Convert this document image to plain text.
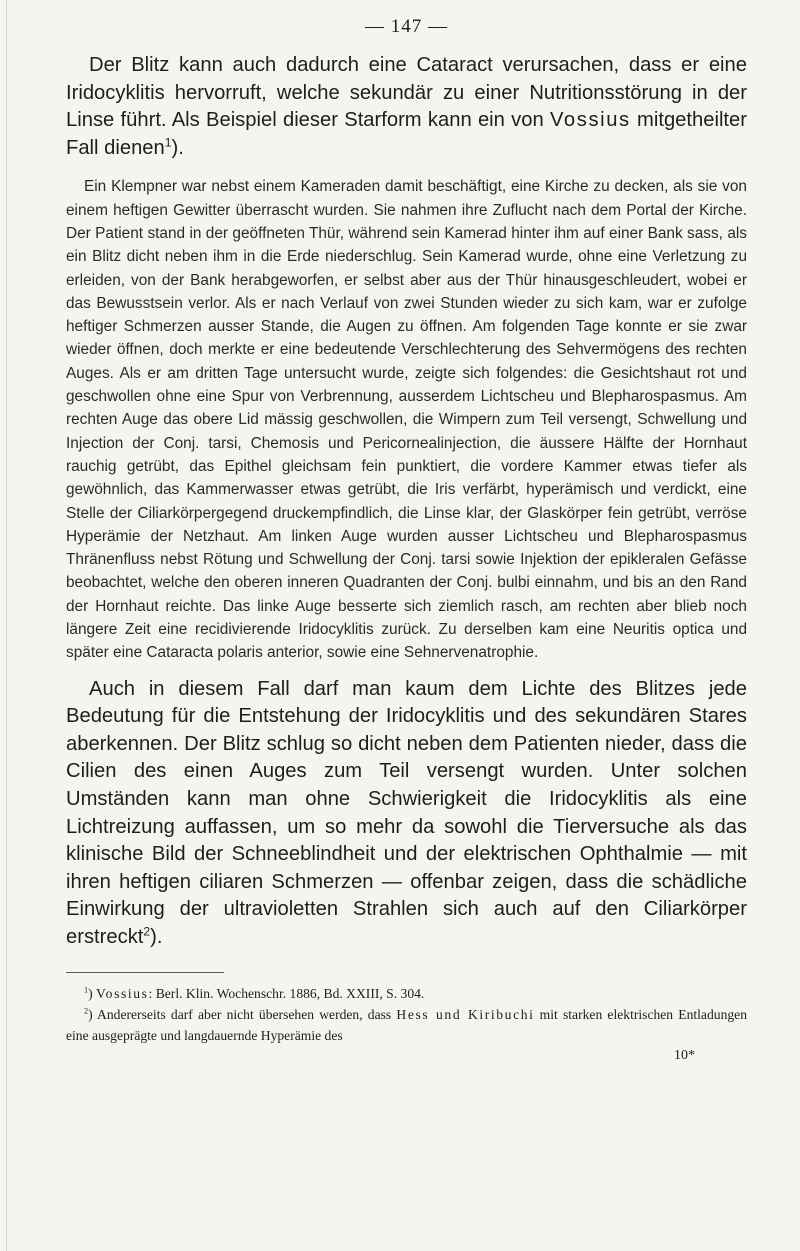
— 147 —

Der Blitz kann auch dadurch eine Cataract verursachen, dass er eine Iridocyklitis hervorruft, welche sekundär zu einer Nutritionsstörung in der Linse führt. Als Beispiel dieser Starform kann ein von Vossius mitgetheilter Fall dienen$^1$).

Ein Klempner war nebst einem Kameraden damit beschäftigt, eine Kirche zu decken, als sie von einem heftigen Gewitter überrascht wurden. Sie nahmen ihre Zuflucht nach dem Portal der Kirche. Der Patient stand in der geöffneten Thür, während sein Kamerad hinter ihm auf einer Bank sass, als ein Blitz dicht neben ihm in die Erde niederschlug. Sein Kamerad wurde, ohne eine Verletzung zu erleiden, von der Bank herabgeworfen, er selbst aber aus der Thür hinausgeschleudert, wobei er das Bewusstsein verlor. Als er nach Verlauf von zwei Stunden wieder zu sich kam, war er zufolge heftiger Schmerzen ausser Stande, die Augen zu öffnen. Am folgenden Tage konnte er sie zwar wieder öffnen, doch merkte er eine bedeutende Verschlechterung des Sehvermögens des rechten Auges. Als er am dritten Tage untersucht wurde, zeigte sich folgendes: die Gesichtshaut rot und geschwollen ohne eine Spur von Verbrennung, ausserdem Lichtscheu und Blepharospasmus. Am rechten Auge das obere Lid mässig geschwollen, die Wimpern zum Teil versengt, Schwellung und Injection der Conj. tarsi, Chemosis und Pericornealinjection, die äussere Hälfte der Hornhaut rauchig getrübt, das Epithel gleichsam fein punktiert, die vordere Kammer etwas tiefer als gewöhnlich, das Kammerwasser etwas getrübt, die Iris verfärbt, hyperämisch und verdickt, eine Stelle der Ciliarkörpergegend druckempfindlich, die Linse klar, der Glaskörper fein getrübt, verröse Hyperämie der Netzhaut. Am linken Auge wurden ausser Lichtscheu und Blepharospasmus Thränenfluss nebst Rötung und Schwellung der Conj. tarsi sowie Injektion der epikleralen Gefässe beobachtet, welche den oberen inneren Quadranten der Conj. bulbi einnahm, und bis an den Rand der Hornhaut reichte. Das linke Auge besserte sich ziemlich rasch, am rechten aber blieb noch längere Zeit eine recidivierende Iridocyklitis zurück. Zu derselben kam eine Neuritis optica und später eine Cataracta polaris anterior, sowie eine Sehnervenatrophie.

Auch in diesem Fall darf man kaum dem Lichte des Blitzes jede Bedeutung für die Entstehung der Iridocyklitis und des sekundären Stares aberkennen. Der Blitz schlug so dicht neben dem Patienten nieder, dass die Cilien des einen Auges zum Teil versengt wurden. Unter solchen Umständen kann man ohne Schwierigkeit die Iridocyklitis als eine Lichtreizung auffassen, um so mehr da sowohl die Tierversuche als das klinische Bild der Schneeblindheit und der elektrischen Ophthalmie — mit ihren heftigen ciliaren Schmerzen — offenbar zeigen, dass die schädliche Einwirkung der ultravioletten Strahlen sich auch auf den Ciliarkörper erstreckt$^2$).

$^1$) Vossius: Berl. Klin. Wochenschr. 1886, Bd. XXIII, S. 304.

$^2$) Andererseits darf aber nicht übersehen werden, dass Hess und Kiribuchi mit starken elektrischen Entladungen eine ausgeprägte und langdauernde Hyperämie des

10*
